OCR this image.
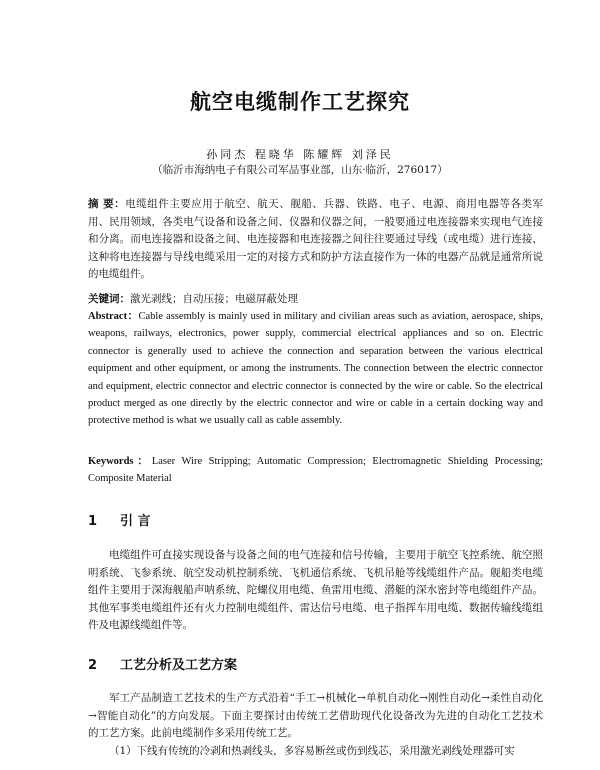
航空电缆制作工艺探究
孙同杰 程晓华 陈耀辉 刘泽民
（临沂市海纳电子有限公司军品事业部，山东·临沂，276017）

摘 要：电缆组件主要应用于航空、航天、舰船、兵器、铁路、电子、电源、商用电器等各类军用、民用领域，各类电气设备和设备之间、仪器和仪器之间，一般要通过电连接器来实现电气连接和分离。而电连接器和设备之间、电连接器和电连接器之间往往要通过导线（或电缆）进行连接，这种将电连接器与导线电缆采用一定的对接方式和防护方法直接作为一体的电器产品就是通常所说的电缆组件。

关键词：激光剥线；自动压接；电磁屏蔽处理

Abstract：Cable assembly is mainly used in military and civilian areas such as aviation, aerospace, ships, weapons, railways, electronics, power supply, commercial electrical appliances and so on. Electric connector is generally used to achieve the connection and separation between the various electrical equipment and other equipment, or among the instruments. The connection between the electric connector and equipment, electric connector and electric connector is connected by the wire or cable. So the electrical product merged as one directly by the electric connector and wire or cable in a certain docking way and protective method is what we usually call as cable assembly.

Keywords：Laser Wire Stripping; Automatic Compression; Electromagnetic Shielding Processing; Composite Material

1 引 言

电缆组件可直接实现设备与设备之间的电气连接和信号传输，主要用于航空飞控系统、航空照明系统、飞参系统、航空发动机控制系统、飞机通信系统、飞机吊舱等线缆组件产品。舰船类电缆组件主要用于深海舰船声呐系统、陀螺仪用电缆、鱼雷用电缆、潜艇的深水密封等电缆组件产品。其他军事类电缆组件还有火力控制电缆组件、雷达信号电缆、电子指挥车用电缆、数据传输线缆组件及电源线缆组件等。

2 工艺分析及工艺方案

军工产品制造工艺技术的生产方式沿着“手工→机械化→单机自动化→刚性自动化→柔性自动化→智能自动化”的方向发展。下面主要探讨由传统工艺借助现代化设备改为先进的自动化工艺技术的工艺方案。此前电缆制作多采用传统工艺。

（1）下线有传统的冷剥和热剥线头，多容易断丝或伤到线芯，采用激光剥线处理器可实
